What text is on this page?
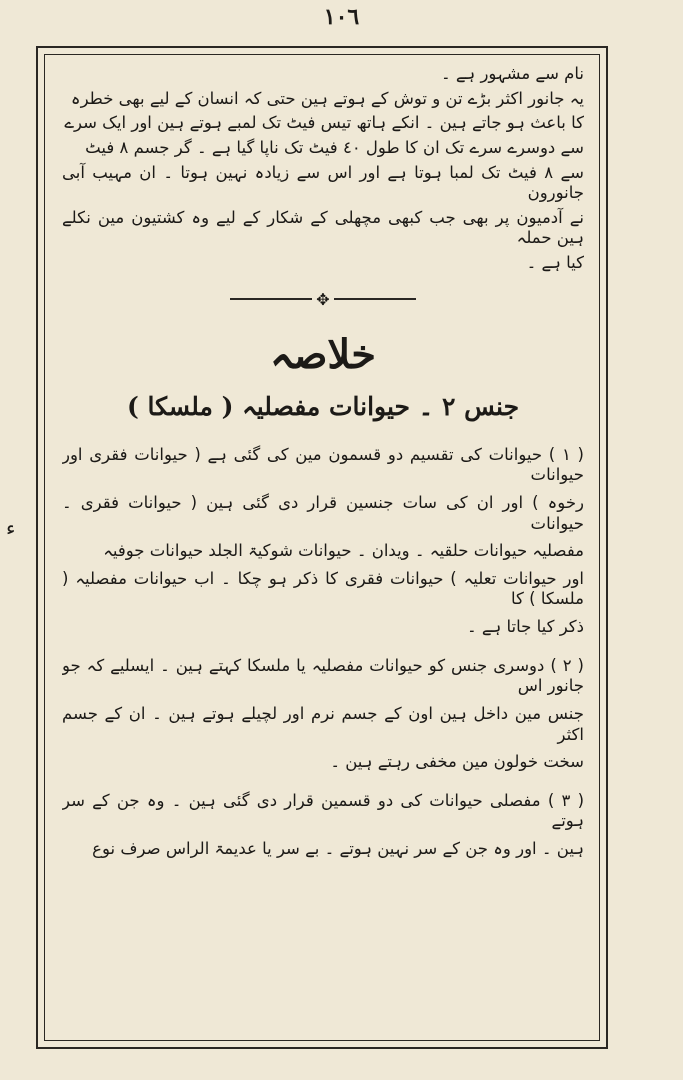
١٠٦
ء

نام سے مشہور ہے ۔

یہ جانور اکثر بڑے تن و توش کے ہوتے ہین حتی کہ انسان کے لیے بھی خطرہ

کا باعث ہو جاتے ہین ۔ انکے ہاتھ تیس فیٹ تک لمبے ہوتے ہین اور ایک سرے

سے دوسرے سرے تک ان کا طول ٤٠ فیٹ تک ناپا گیا ہے ۔ گر جسم ۸ فیٹ

سے ۸ فیٹ تک لمبا ہوتا ہے اور اس سے زیادہ نہین ہوتا ۔ ان مہیب آبی جانورون

نے آدمیون پر بھی جب کبھی مچھلی کے شکار کے لیے وہ کشتیون مین نکلے ہین حملہ

کیا ہے ۔

✥
خلاصہ
جنس ۲ ۔ حیوانات مفصلیہ ( ملسکا )

( ۱ ) حیوانات کی تقسیم دو قسمون مین کی گئی ہے ( حیوانات فقری اور حیوانات

رخوہ ) اور ان کی سات جنسین قرار دی گئی ہین ( حیوانات فقری ۔ حیوانات

مفصلیہ حیوانات حلقیہ ۔ ویدان ۔ حیوانات شوکیۃ الجلد حیوانات جوفیہ

اور حیوانات تعلیہ ) حیوانات فقری کا ذکر ہو چکا ۔ اب حیوانات مفصلیہ ( ملسکا ) کا

ذکر کیا جاتا ہے ۔

( ۲ ) دوسری جنس کو حیوانات مفصلیہ یا ملسکا کہتے ہین ۔ ایسلیے کہ جو جانور اس

جنس مین داخل ہین اون کے جسم نرم اور لچیلے ہوتے ہین ۔ ان کے جسم اکثر

سخت خولون مین مخفی رہتے ہین ۔

( ۳ ) مفصلی حیوانات کی دو قسمین قرار دی گئی ہین ۔ وہ جن کے سر ہوتے

ہین ۔ اور وہ جن کے سر نہین ہوتے ۔ بے سر یا عدیمۃ الراس صرف نوع
